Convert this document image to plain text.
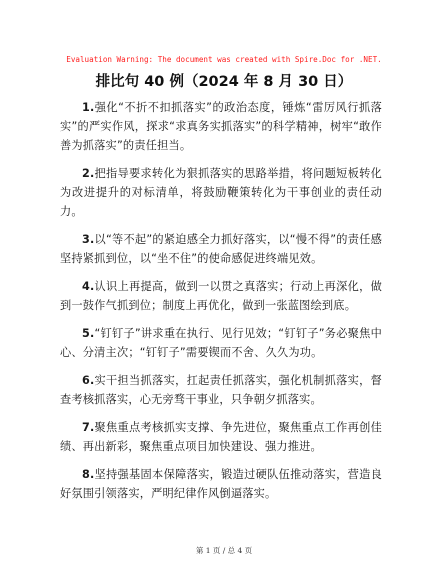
Evaluation Warning: The document was created with Spire.Doc for .NET.
排比句 40 例（2024 年 8 月 30 日）

1.强化“不折不扣抓落实”的政治态度，锤炼“雷厉风行抓落实”的严实作风，探求“求真务实抓落实”的科学精神，树牢“敢作善为抓落实”的责任担当。

2.把指导要求转化为狠抓落实的思路举措，将问题短板转化为改进提升的对标清单，将鼓励鞭策转化为干事创业的责任动力。

3.以“等不起”的紧迫感全力抓好落实，以“慢不得”的责任感坚持紧抓到位，以“坐不住”的使命感促进终端见效。

4.认识上再提高，做到一以贯之真落实；行动上再深化，做到一鼓作气抓到位；制度上再优化，做到一张蓝图绘到底。

5.“钉钉子”讲求重在执行、见行见效；“钉钉子”务必聚焦中心、分清主次；“钉钉子”需要锲而不舍、久久为功。

6.实干担当抓落实，扛起责任抓落实，强化机制抓落实，督查考核抓落实，心无旁骛干事业，只争朝夕抓落实。

7.聚焦重点考核抓实支撑、争先进位，聚焦重点工作再创佳绩、再出新彩，聚焦重点项目加快建设、强力推进。

8.坚持强基固本保障落实，锻造过硬队伍推动落实，营造良好氛围引领落实，严明纪律作风倒逼落实。

第 1 页 / 总 4 页
